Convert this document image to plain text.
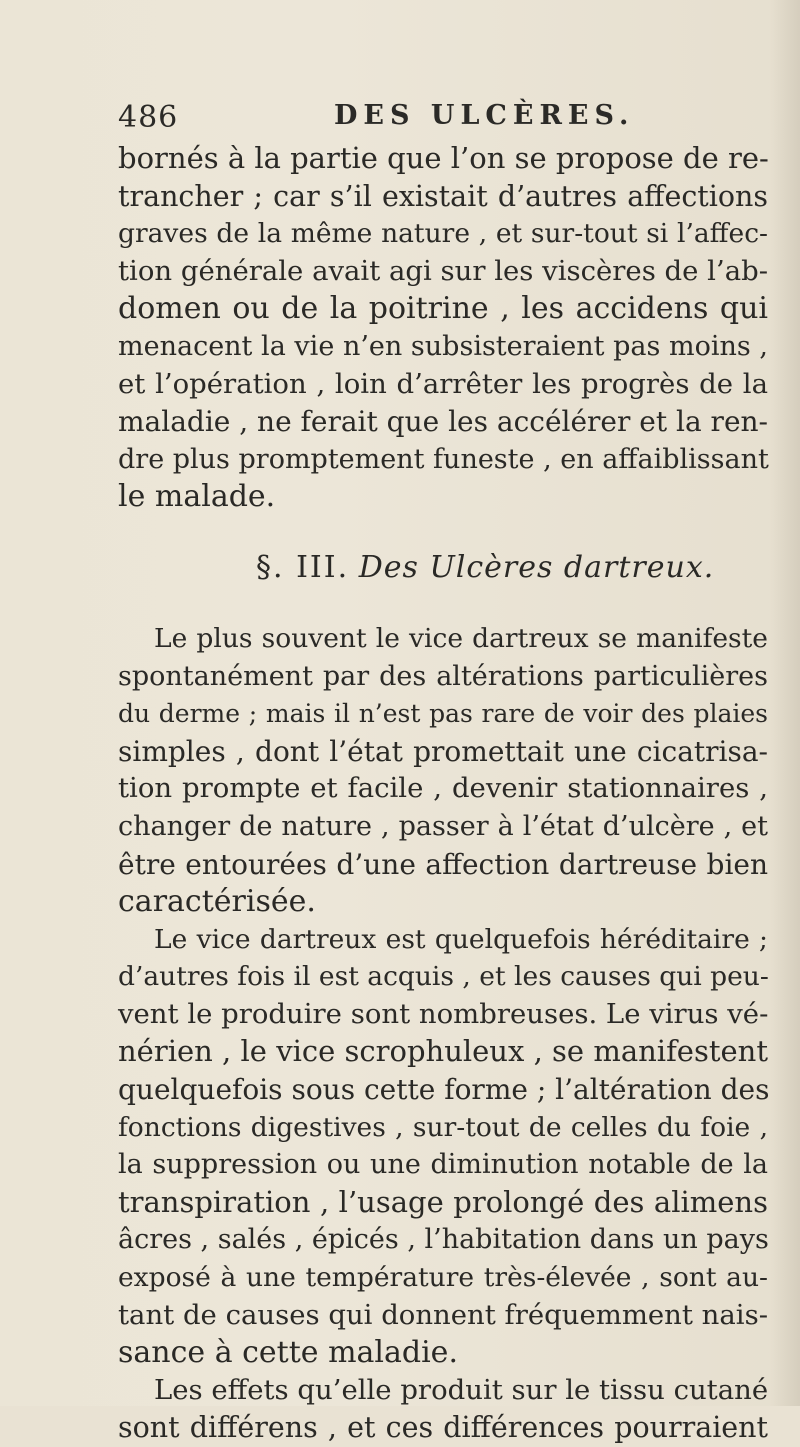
486	DES ULCÈRES.
bornés à la partie que l’on se propose de re-
trancher ; car s’il existait d’autres affections
graves de la même nature , et sur-tout si l’affec-
tion générale avait agi sur les viscères de l’ab-
domen ou de la poitrine , les accidens qui
menacent la vie n’en subsisteraient pas moins ,
et l’opération , loin d’arrêter les progrès de la
maladie , ne ferait que les accélérer et la ren-
dre plus promptement funeste , en affaiblissant
le malade.
§. III. Des Ulcères dartreux.
Le plus souvent le vice dartreux se manifeste
spontanément par des altérations particulières
du derme ; mais il n’est pas rare de voir des plaies
simples , dont l’état promettait une cicatrisa-
tion prompte et facile , devenir stationnaires ,
changer de nature , passer à l’état d’ulcère , et
être entourées d’une affection dartreuse bien
caractérisée.
Le vice dartreux est quelquefois héréditaire ;
d’autres fois il est acquis , et les causes qui peu-
vent le produire sont nombreuses. Le virus vé-
nérien , le vice scrophuleux , se manifestent
quelquefois sous cette forme ; l’altération des
fonctions digestives , sur-tout de celles du foie ,
la suppression ou une diminution notable de la
transpiration , l’usage prolongé des alimens
âcres , salés , épicés , l’habitation dans un pays
exposé à une température très-élevée , sont au-
tant de causes qui donnent fréquemment nais-
sance à cette maladie.
Les effets qu’elle produit sur le tissu cutané
sont différens , et ces différences pourraient
